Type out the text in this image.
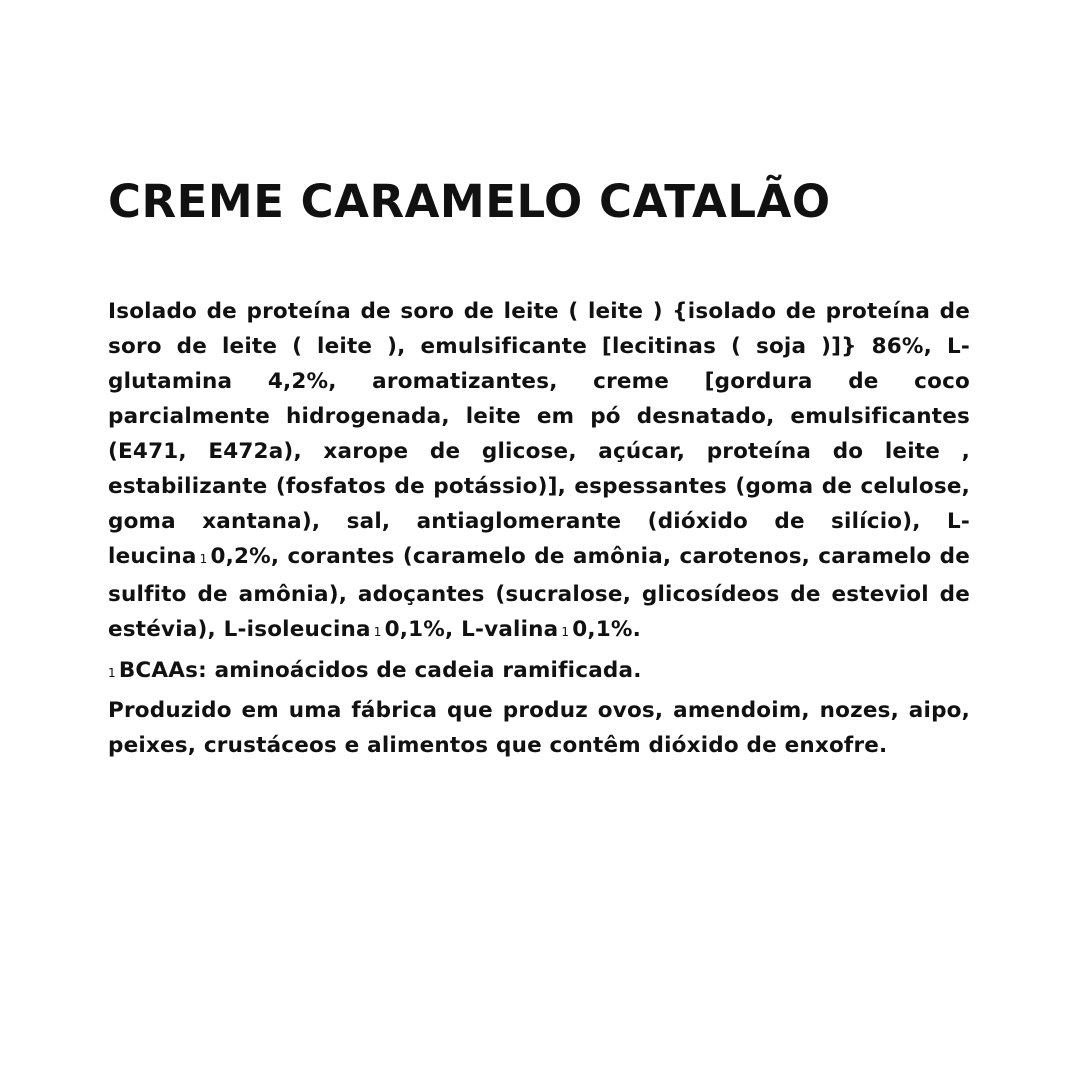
CREME CARAMELO CATALÃO

Isolado de proteína de soro de leite ( leite ) {isolado de proteína de soro de leite ( leite ), emulsificante [lecitinas ( soja )]} 86%, L-glutamina 4,2%, aromatizantes, creme [gordura de coco parcialmente hidrogenada, leite em pó desnatado, emulsificantes (E471, E472a), xarope de glicose, açúcar, proteína do leite , estabilizante (fosfatos de potássio)], espessantes (goma de celulose, goma xantana), sal, antiaglomerante (dióxido de silício), L-leucina 1 0,2%, corantes (caramelo de amônia, carotenos, caramelo de sulfito de amônia), adoçantes (sucralose, glicosídeos de esteviol de estévia), L-isoleucina 1 0,1%, L-valina 1 0,1%.

1 BCAAs: aminoácidos de cadeia ramificada.

Produzido em uma fábrica que produz ovos, amendoim, nozes, aipo, peixes, crustáceos e alimentos que contêm dióxido de enxofre.
